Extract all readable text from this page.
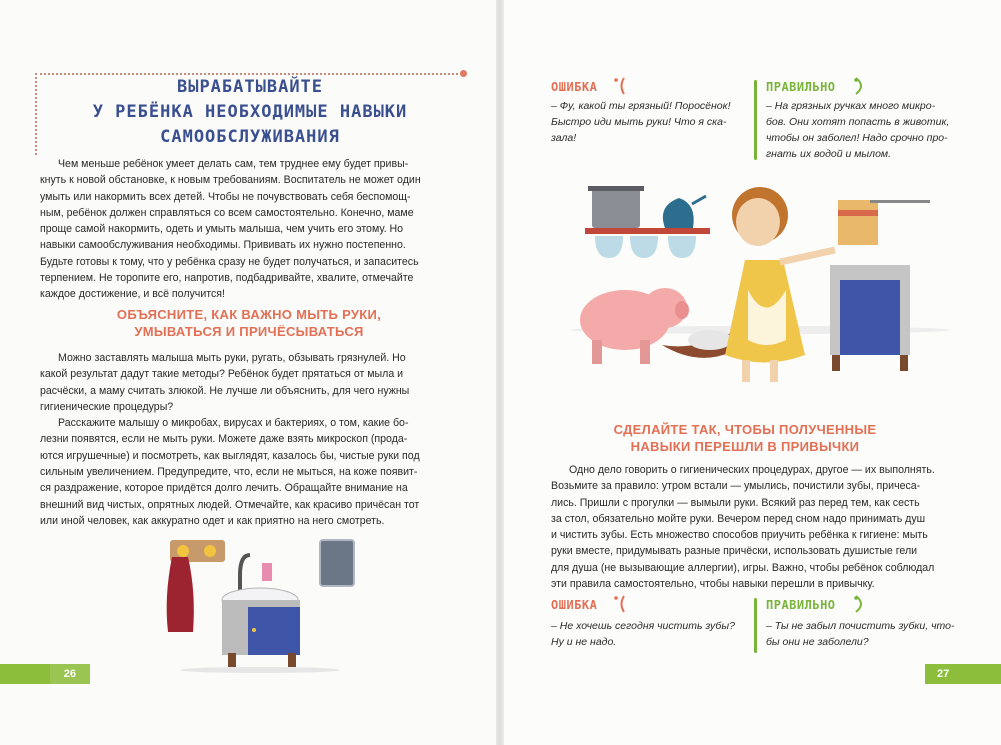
ВЫРАБАТЫВАЙТЕ
У РЕБЁНКА НЕОБХОДИМЫЕ НАВЫКИ
САМООБСЛУЖИВАНИЯ
Чем меньше ребёнок умеет делать сам, тем труднее ему будет привы-
кнуть к новой обстановке, к новым требованиям. Воспитатель не может один
умыть или накормить всех детей. Чтобы не почувствовать себя беспомощ-
ным, ребёнок должен справляться со всем самостоятельно. Конечно, маме
проще самой накормить, одеть и умыть малыша, чем учить его этому. Но
навыки самообслуживания необходимы. Прививать их нужно постепенно.
Будьте готовы к тому, что у ребёнка сразу не будет получаться, и запаситесь
терпением. Не торопите его, напротив, подбадривайте, хвалите, отмечайте
каждое достижение, и всё получится!
ОБЪЯСНИТЕ, КАК ВАЖНО МЫТЬ РУКИ,
УМЫВАТЬСЯ И ПРИЧЁСЫВАТЬСЯ
Можно заставлять малыша мыть руки, ругать, обзывать грязнулей. Но
какой результат дадут такие методы? Ребёнок будет прятаться от мыла и
расчёски, а маму считать злюкой. Не лучше ли объяснить, для чего нужны
гигиенические процедуры?
Расскажите малышу о микробах, вирусах и бактериях, о том, какие бо-
лезни появятся, если не мыть руки. Можете даже взять микроскоп (прода-
ются игрушечные) и посмотреть, как выглядят, казалось бы, чистые руки под
сильным увеличением. Предупредите, что, если не мыться, на коже появит-
ся раздражение, которое придётся долго лечить. Обращайте внимание на
внешний вид чистых, опрятных людей. Отмечайте, как красиво причёсан тот
или иной человек, как аккуратно одет и как приятно на него смотреть.
26
ОШИБКА
– Фу, какой ты грязный! Поросёнок!
Быстро иди мыть руки! Что я ска-
зала!
ПРАВИЛЬНО
– На грязных ручках много микро-
бов. Они хотят попасть в животик,
чтобы он заболел! Надо срочно про-
гнать их водой и мылом.
СДЕЛАЙТЕ ТАК, ЧТОБЫ ПОЛУЧЕННЫЕ
НАВЫКИ ПЕРЕШЛИ В ПРИВЫЧКИ
Одно дело говорить о гигиенических процедурах, другое — их выполнять.
Возьмите за правило: утром встали — умылись, почистили зубы, причеса-
лись. Пришли с прогулки — вымыли руки. Всякий раз перед тем, как сесть
за стол, обязательно мойте руки. Вечером перед сном надо принимать душ
и чистить зубы. Есть множество способов приучить ребёнка к гигиене: мыть
руки вместе, придумывать разные причёски, использовать душистые гели
для душа (не вызывающие аллергии), игры. Важно, чтобы ребёнок соблюдал
эти правила самостоятельно, чтобы навыки перешли в привычку.
ОШИБКА
– Не хочешь сегодня чистить зубы?
Ну и не надо.
ПРАВИЛЬНО
– Ты не забыл почистить зубки, что-
бы они не заболели?
27
